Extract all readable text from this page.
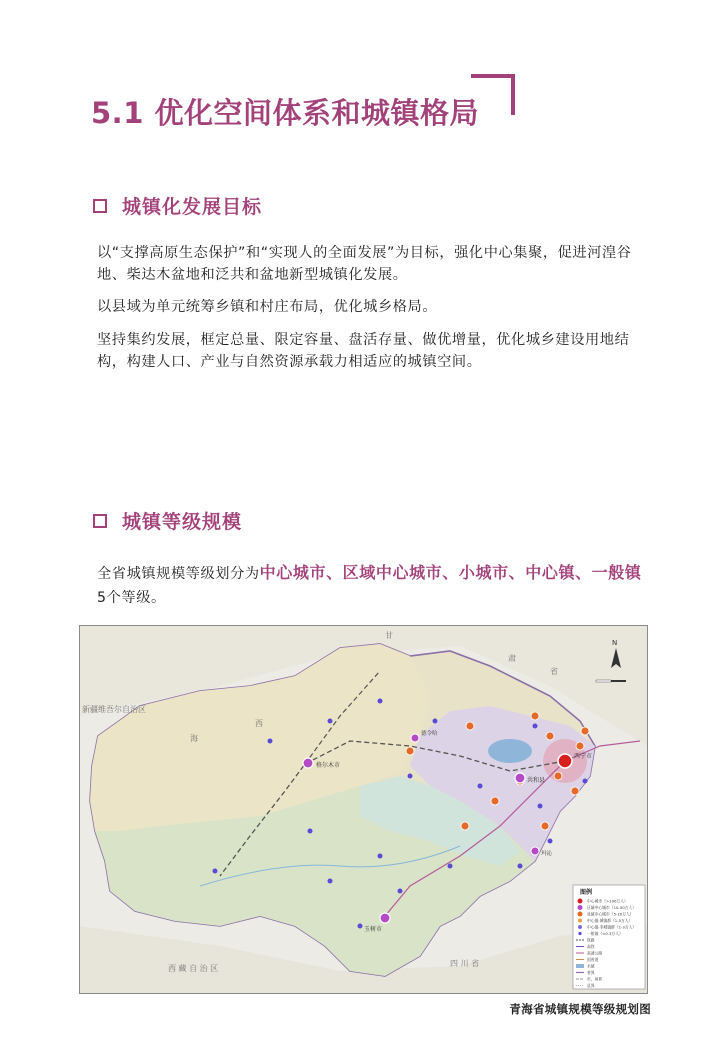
5.1 优化空间体系和城镇格局
城镇化发展目标

以“支撑高原生态保护”和“实现人的全面发展”为目标，强化中心集聚，促进河湟谷地、柴达木盆地和泛共和盆地新型城镇化发展。

以县域为单元统筹乡镇和村庄布局，优化城乡格局。

坚持集约发展，框定总量、限定容量、盘活存量、做优增量，优化城乡建设用地结构，构建人口、产业与自然资源承载力相适应的城镇空间。

城镇等级规模

全省城镇规模等级划分为中心城市、区域中心城市、小城市、中心镇、一般镇5个等级。

格尔木市
西宁市
共和县
玉树市
德令哈
玛沁
新疆维吾尔自治区
甘
肃
省
西 藏 自 治 区
四 川 省
海
西
N
图例
中心城市（>100万人）
区域中心城市（10-50万人）
县域中心城市（5-10万人）
中心镇·城镇群（1-5万人）
中心镇·非城镇群（1-3万人）
一般镇（<0.3万人）
铁路
高铁
高速公路
国省道
水域
省界
市、州界
县界
青海省城镇规模等级规划图
